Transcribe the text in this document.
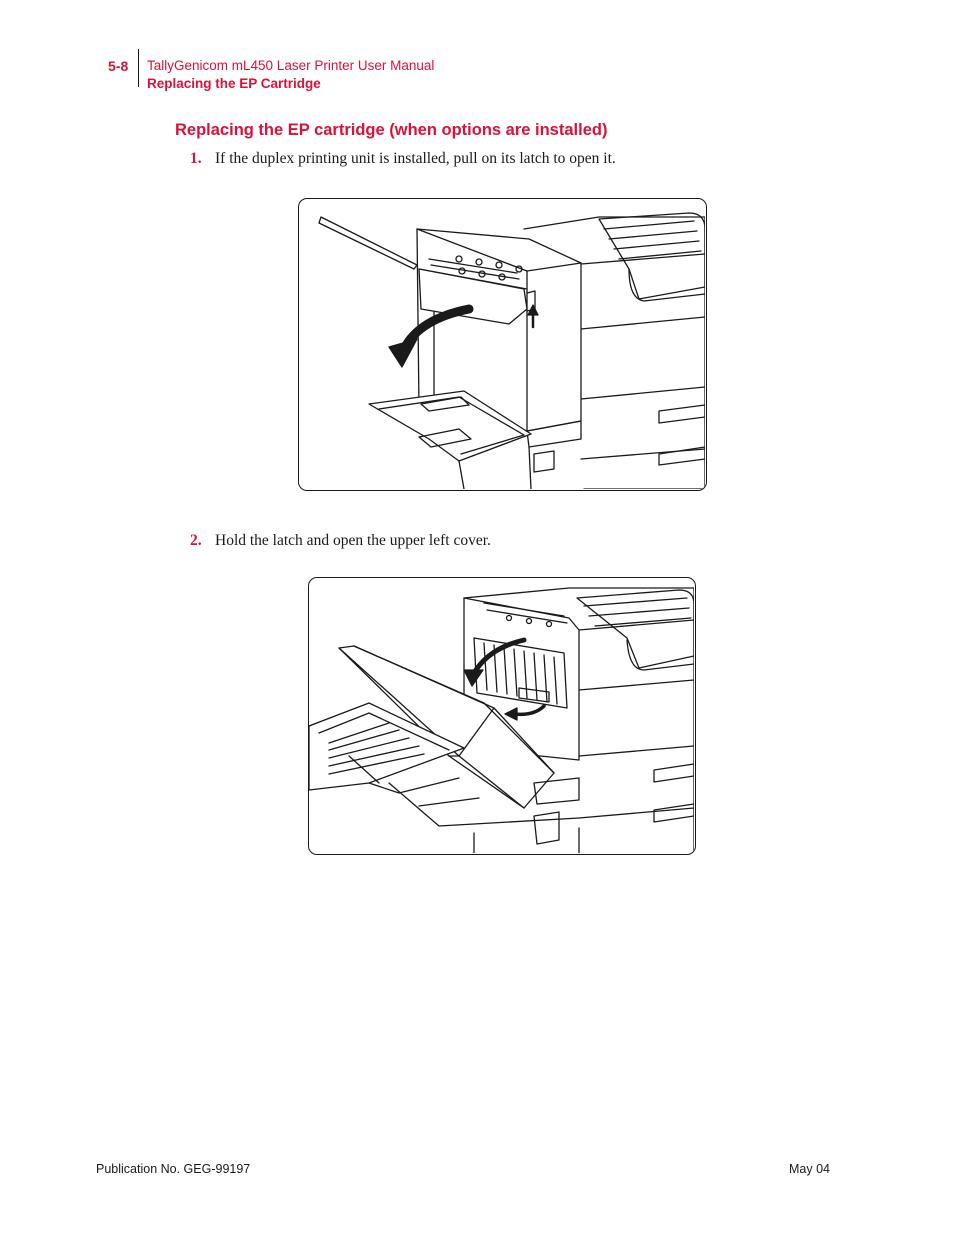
5-8 TallyGenicom mL450 Laser Printer User Manual
Replacing the EP Cartridge
Replacing the EP cartridge (when options are installed)
1. If the duplex printing unit is installed, pull on its latch to open it.
2. Hold the latch and open the upper left cover.
Publication No. GEG-99197	May 04
